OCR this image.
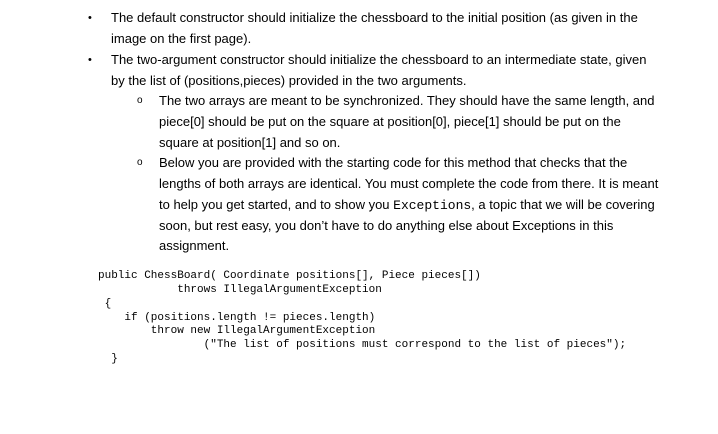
• The default constructor should initialize the chessboard to the initial position (as given in the
image on the first page).
• The two-argument constructor should initialize the chessboard to an intermediate state, given
by the list of (positions,pieces) provided in the two arguments.
o The two arrays are meant to be synchronized. They should have the same length, and
piece[0] should be put on the square at position[0], piece[1] should be put on the
square at position[1] and so on.
o Below you are provided with the starting code for this method that checks that the
lengths of both arrays are identical. You must complete the code from there. It is meant
to help you get started, and to show you Exceptions, a topic that we will be covering
soon, but rest easy, you don’t have to do anything else about Exceptions in this
assignment.
public ChessBoard( Coordinate positions[], Piece pieces[])
throws IllegalArgumentException
{
if (positions.length != pieces.length)
throw new IllegalArgumentException
("The list of positions must correspond to the list of pieces");
}
